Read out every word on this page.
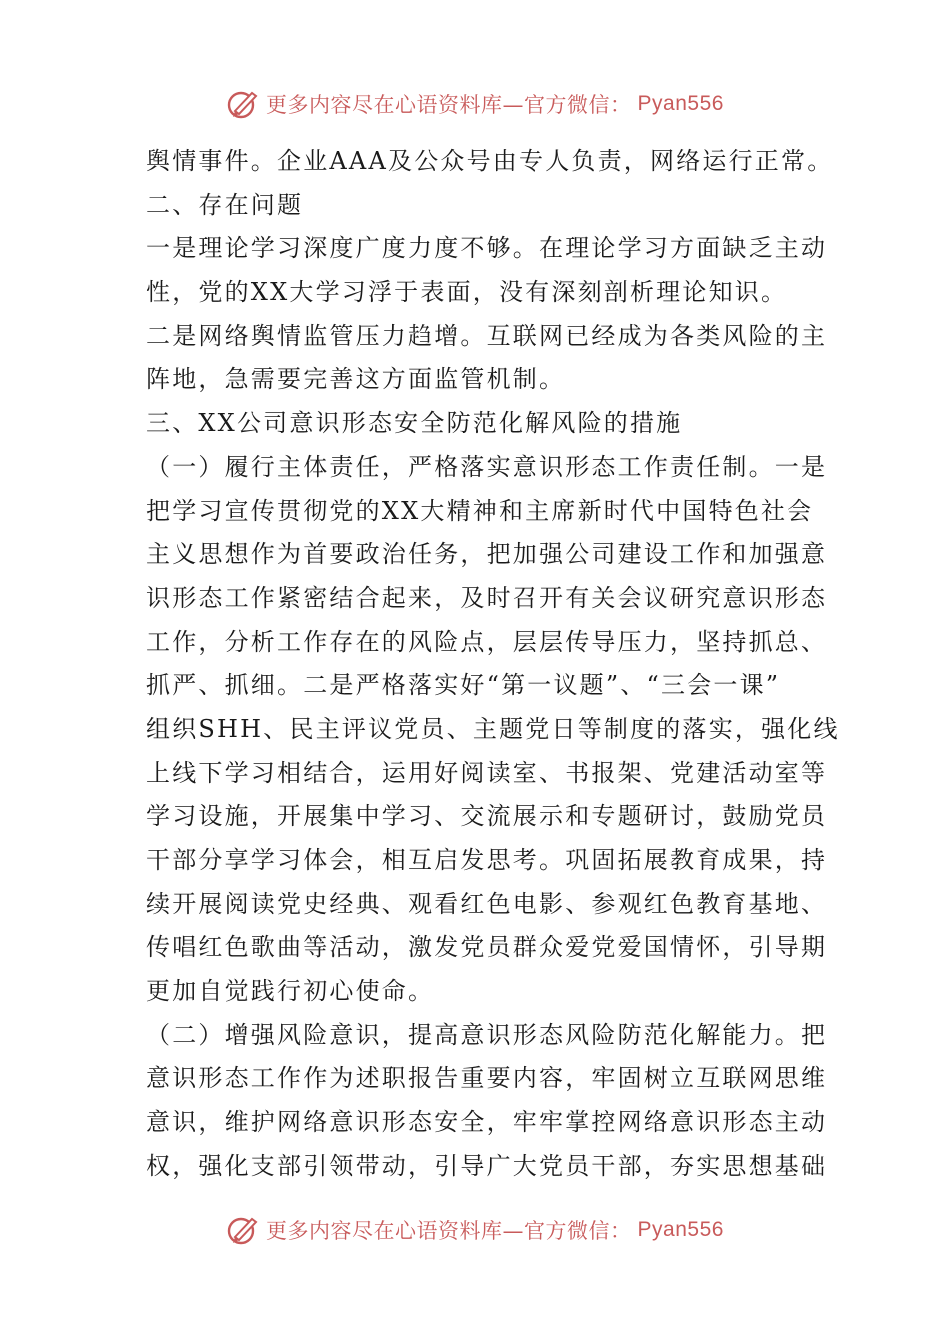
更多内容尽在心语资料库—官方微信： Pyan556
舆情事件。企业AAA及公众号由专人负责，网络运行正常。
二、存在问题
一是理论学习深度广度力度不够。在理论学习方面缺乏主动
性，党的XX大学习浮于表面，没有深刻剖析理论知识。
二是网络舆情监管压力趋增。互联网已经成为各类风险的主
阵地，急需要完善这方面监管机制。
三、XX公司意识形态安全防范化解风险的措施
（一）履行主体责任，严格落实意识形态工作责任制。一是
把学习宣传贯彻党的XX大精神和主席新时代中国特色社会
主义思想作为首要政治任务，把加强公司建设工作和加强意
识形态工作紧密结合起来，及时召开有关会议研究意识形态
工作，分析工作存在的风险点，层层传导压力，坚持抓总、
抓严、抓细。二是严格落实好“第一议题”、“三会一课”
组织SHH、民主评议党员、主题党日等制度的落实，强化线
上线下学习相结合，运用好阅读室、书报架、党建活动室等
学习设施，开展集中学习、交流展示和专题研讨，鼓励党员
干部分享学习体会，相互启发思考。巩固拓展教育成果，持
续开展阅读党史经典、观看红色电影、参观红色教育基地、
传唱红色歌曲等活动，激发党员群众爱党爱国情怀，引导期
更加自觉践行初心使命。
（二）增强风险意识，提高意识形态风险防范化解能力。把
意识形态工作作为述职报告重要内容，牢固树立互联网思维
意识，维护网络意识形态安全，牢牢掌控网络意识形态主动
权，强化支部引领带动，引导广大党员干部，夯实思想基础
更多内容尽在心语资料库—官方微信： Pyan556
